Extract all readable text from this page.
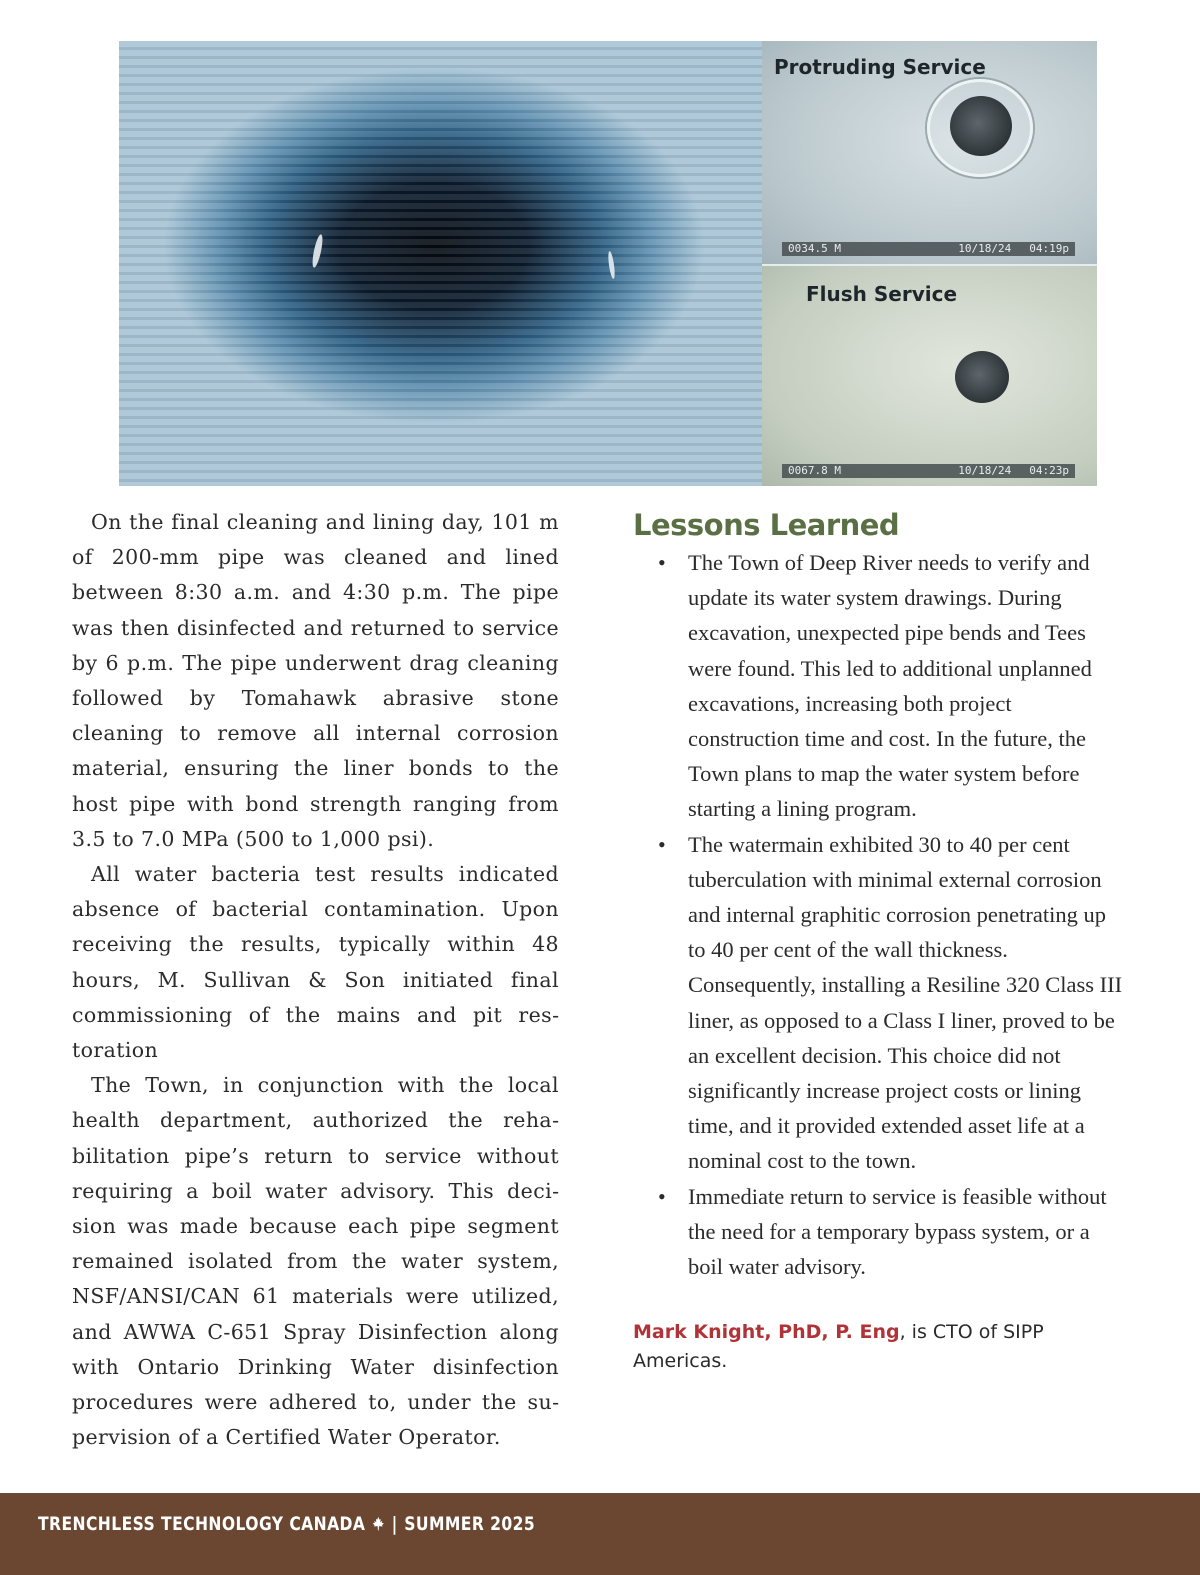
Protruding Service
0034.5 M	10/18/24 04:19p
Flush Service
0067.8 M	10/18/24 04:23p

On the final cleaning and lining day, 101 m of 200-mm pipe was cleaned and lined between 8:30 a.m. and 4:30 p.m. The pipe was then disinfected and returned to service by 6 p.m. The pipe underwent drag cleaning followed by Tomahawk abrasive stone cleaning to remove all internal corrosion material, ensuring the liner bonds to the host pipe with bond strength ranging from 3.5 to 7.0 MPa (500 to 1,000 psi).

All water bacteria test results indicated absence of bacterial contamination. Upon receiving the results, typically within 48 hours, M. Sullivan & Son initiated final commissioning of the mains and pit restoration

The Town, in conjunction with the local health department, authorized the rehabilitation pipe’s return to service without requiring a boil water advisory. This decision was made because each pipe segment remained isolated from the water system, NSF/ANSI/CAN 61 materials were utilized, and AWWA C-651 Spray Disinfection along with Ontario Drinking Water disinfection procedures were adhered to, under the supervision of a Certified Water Operator.

Lessons Learned
• The Town of Deep River needs to verify and update its water system drawings. During excavation, unexpected pipe bends and Tees were found. This led to additional unplanned excavations, increasing both project construction time and cost. In the future, the Town plans to map the water system before starting a lining program.
• The watermain exhibited 30 to 40 per cent tuberculation with minimal external corrosion and internal graphitic corrosion penetrating up to 40 per cent of the wall thickness. Consequently, installing a Resiline 320 Class III liner, as opposed to a Class I liner, proved to be an excellent decision. This choice did not significantly increase project costs or lining time, and it provided extended asset life at a nominal cost to the town.
• Immediate return to service is feasible without the need for a temporary bypass system, or a boil water advisory.
Mark Knight, PhD, P. Eng, is CTO of SIPP Americas.
TRENCHLESS TECHNOLOGY CANADA | SUMMER 2025
